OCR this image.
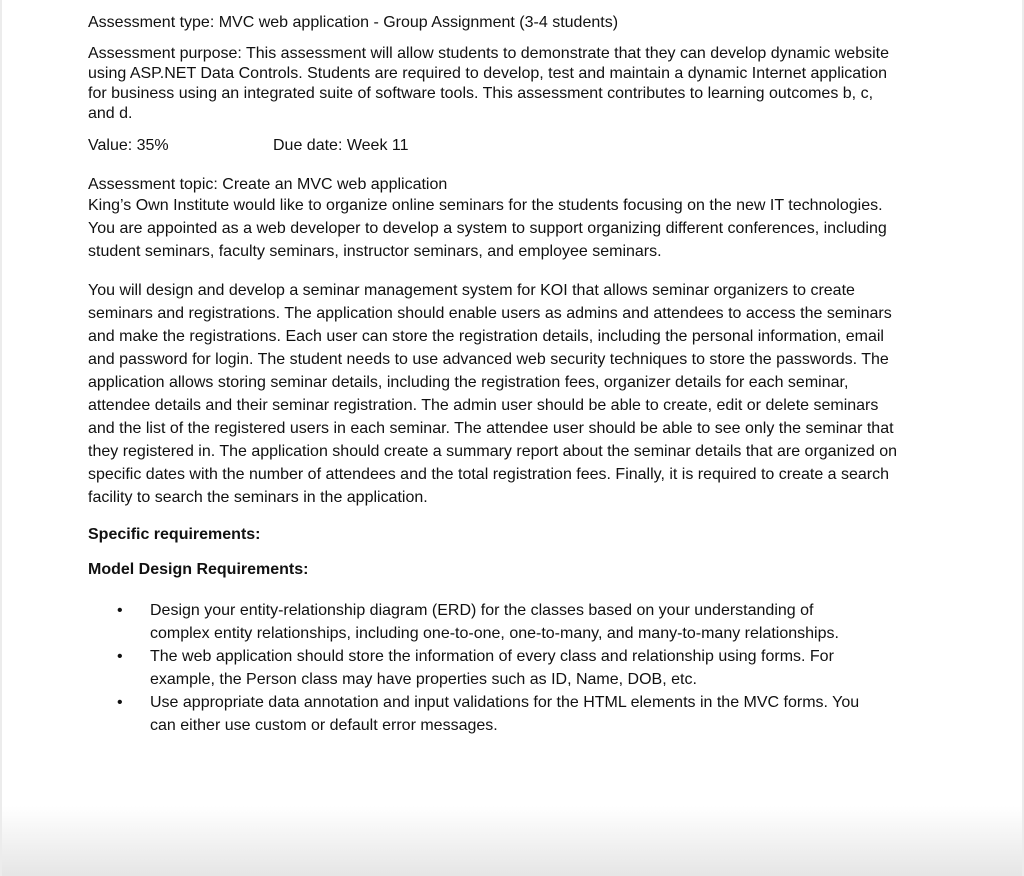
Assessment type: MVC web application - Group Assignment (3-4 students)

Assessment purpose: This assessment will allow students to demonstrate that they can develop dynamic website using ASP.NET Data Controls. Students are required to develop, test and maintain a dynamic Internet application for business using an integrated suite of software tools. This assessment contributes to learning outcomes b, c, and d.

Value: 35%	Due date: Week 11

Assessment topic: Create an MVC web application

King’s Own Institute would like to organize online seminars for the students focusing on the new IT technologies. You are appointed as a web developer to develop a system to support organizing different conferences, including student seminars, faculty seminars, instructor seminars, and employee seminars.

You will design and develop a seminar management system for KOI that allows seminar organizers to create seminars and registrations. The application should enable users as admins and attendees to access the seminars and make the registrations. Each user can store the registration details, including the personal information, email and password for login. The student needs to use advanced web security techniques to store the passwords. The application allows storing seminar details, including the registration fees, organizer details for each seminar, attendee details and their seminar registration. The admin user should be able to create, edit or delete seminars and the list of the registered users in each seminar. The attendee user should be able to see only the seminar that they registered in. The application should create a summary report about the seminar details that are organized on specific dates with the number of attendees and the total registration fees. Finally, it is required to create a search facility to search the seminars in the application.

Specific requirements:

Model Design Requirements:

• Design your entity-relationship diagram (ERD) for the classes based on your understanding of complex entity relationships, including one-to-one, one-to-many, and many-to-many relationships.
• The web application should store the information of every class and relationship using forms. For example, the Person class may have properties such as ID, Name, DOB, etc.
• Use appropriate data annotation and input validations for the HTML elements in the MVC forms. You can either use custom or default error messages.
